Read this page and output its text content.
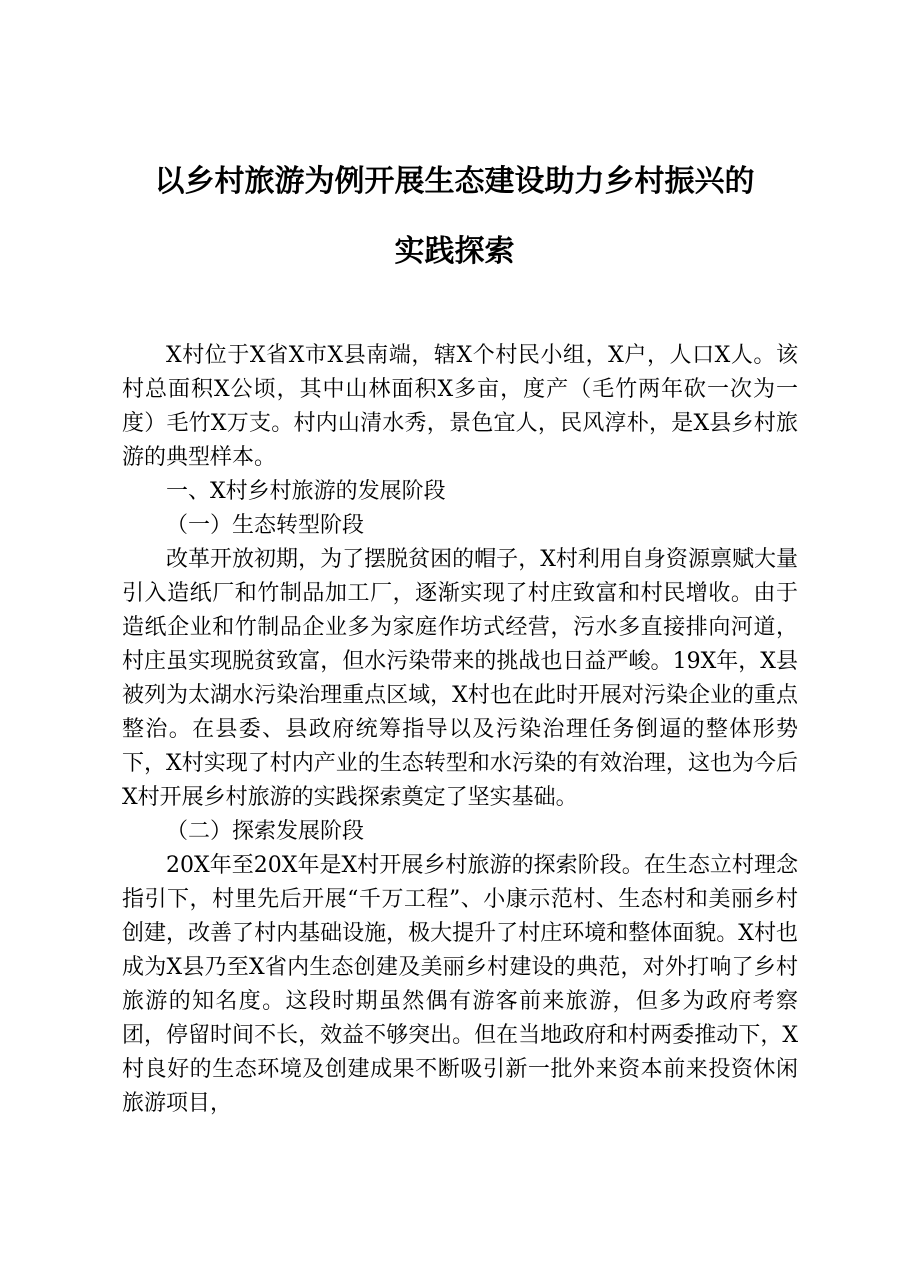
以乡村旅游为例开展生态建设助力乡村振兴的
实践探索

X村位于X省X市X县南端，辖X个村民小组，X户，人口X人。该村总面积X公顷，其中山林面积X多亩，度产（毛竹两年砍一次为一度）毛竹X万支。村内山清水秀，景色宜人，民风淳朴，是X县乡村旅游的典型样本。

一、X村乡村旅游的发展阶段

（一）生态转型阶段

改革开放初期，为了摆脱贫困的帽子，X村利用自身资源禀赋大量引入造纸厂和竹制品加工厂，逐渐实现了村庄致富和村民增收。由于造纸企业和竹制品企业多为家庭作坊式经营，污水多直接排向河道，村庄虽实现脱贫致富，但水污染带来的挑战也日益严峻。19X年，X县被列为太湖水污染治理重点区域，X村也在此时开展对污染企业的重点整治。在县委、县政府统筹指导以及污染治理任务倒逼的整体形势下，X村实现了村内产业的生态转型和水污染的有效治理，这也为今后X村开展乡村旅游的实践探索奠定了坚实基础。

（二）探索发展阶段

20X年至20X年是X村开展乡村旅游的探索阶段。在生态立村理念指引下，村里先后开展“千万工程”、小康示范村、生态村和美丽乡村创建，改善了村内基础设施，极大提升了村庄环境和整体面貌。X村也成为X县乃至X省内生态创建及美丽乡村建设的典范，对外打响了乡村旅游的知名度。这段时期虽然偶有游客前来旅游，但多为政府考察团，停留时间不长，效益不够突出。但在当地政府和村两委推动下，X村良好的生态环境及创建成果不断吸引新一批外来资本前来投资休闲旅游项目，
